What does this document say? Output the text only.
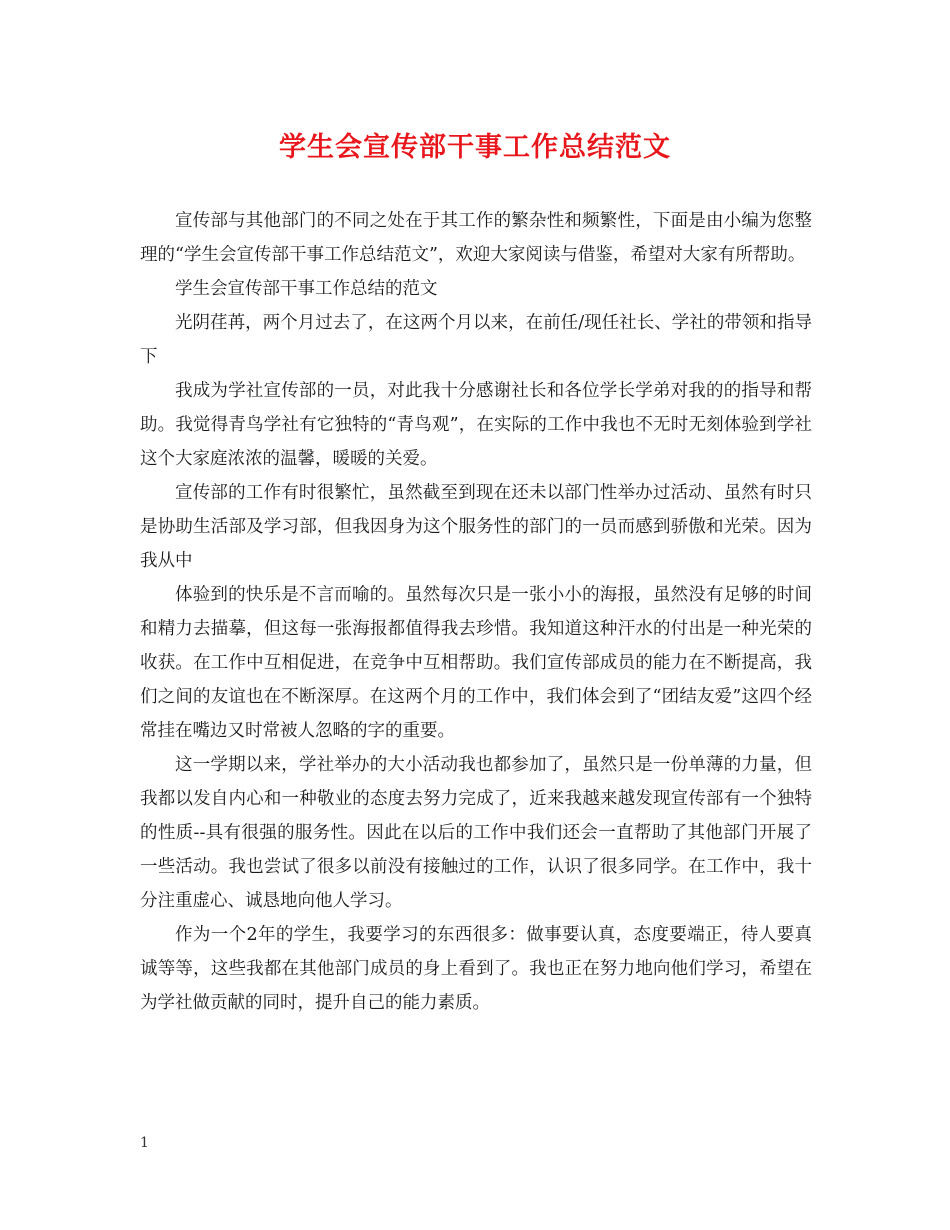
学生会宣传部干事工作总结范文

宣传部与其他部门的不同之处在于其工作的繁杂性和频繁性，下面是由小编为您整理的“学生会宣传部干事工作总结范文”，欢迎大家阅读与借鉴，希望对大家有所帮助。

学生会宣传部干事工作总结的范文

光阴荏苒，两个月过去了，在这两个月以来，在前任/现任社长、学社的带领和指导下

我成为学社宣传部的一员，对此我十分感谢社长和各位学长学弟对我的的指导和帮助。我觉得青鸟学社有它独特的“青鸟观”，在实际的工作中我也不无时无刻体验到学社这个大家庭浓浓的温馨，暖暖的关爱。

宣传部的工作有时很繁忙，虽然截至到现在还未以部门性举办过活动、虽然有时只是协助生活部及学习部，但我因身为这个服务性的部门的一员而感到骄傲和光荣。因为我从中

体验到的快乐是不言而喻的。虽然每次只是一张小小的海报，虽然没有足够的时间和精力去描摹，但这每一张海报都值得我去珍惜。我知道这种汗水的付出是一种光荣的收获。在工作中互相促进，在竞争中互相帮助。我们宣传部成员的能力在不断提高，我们之间的友谊也在不断深厚。在这两个月的工作中，我们体会到了“团结友爱”这四个经常挂在嘴边又时常被人忽略的字的重要。

这一学期以来，学社举办的大小活动我也都参加了，虽然只是一份单薄的力量，但我都以发自内心和一种敬业的态度去努力完成了，近来我越来越发现宣传部有一个独特的性质--具有很强的服务性。因此在以后的工作中我们还会一直帮助了其他部门开展了一些活动。我也尝试了很多以前没有接触过的工作，认识了很多同学。在工作中，我十分注重虚心、诚恳地向他人学习。

作为一个2年的学生，我要学习的东西很多：做事要认真，态度要端正，待人要真诚等等，这些我都在其他部门成员的身上看到了。我也正在努力地向他们学习，希望在为学社做贡献的同时，提升自己的能力素质。

1
